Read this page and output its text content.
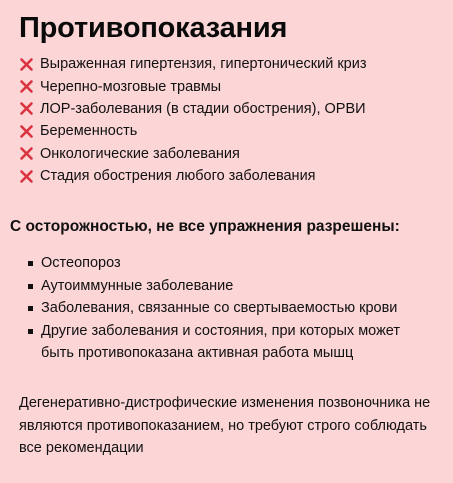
Противопоказания
Выраженная гипертензия, гипертонический криз
Черепно-мозговые травмы
ЛОР-заболевания (в стадии обострения), ОРВИ
Беременность
Онкологические заболевания
Стадия обострения любого заболевания
С осторожностью, не все упражнения разрешены:
Остеопороз
Аутоиммунные заболевание
Заболевания, связанные со свертываемостью крови
Другие заболевания и состояния, при которых может быть противопоказана активная работа мышц

Дегенеративно-дистрофические изменения позвоночника не являются противопоказанием, но требуют строго соблюдать все рекомендации
